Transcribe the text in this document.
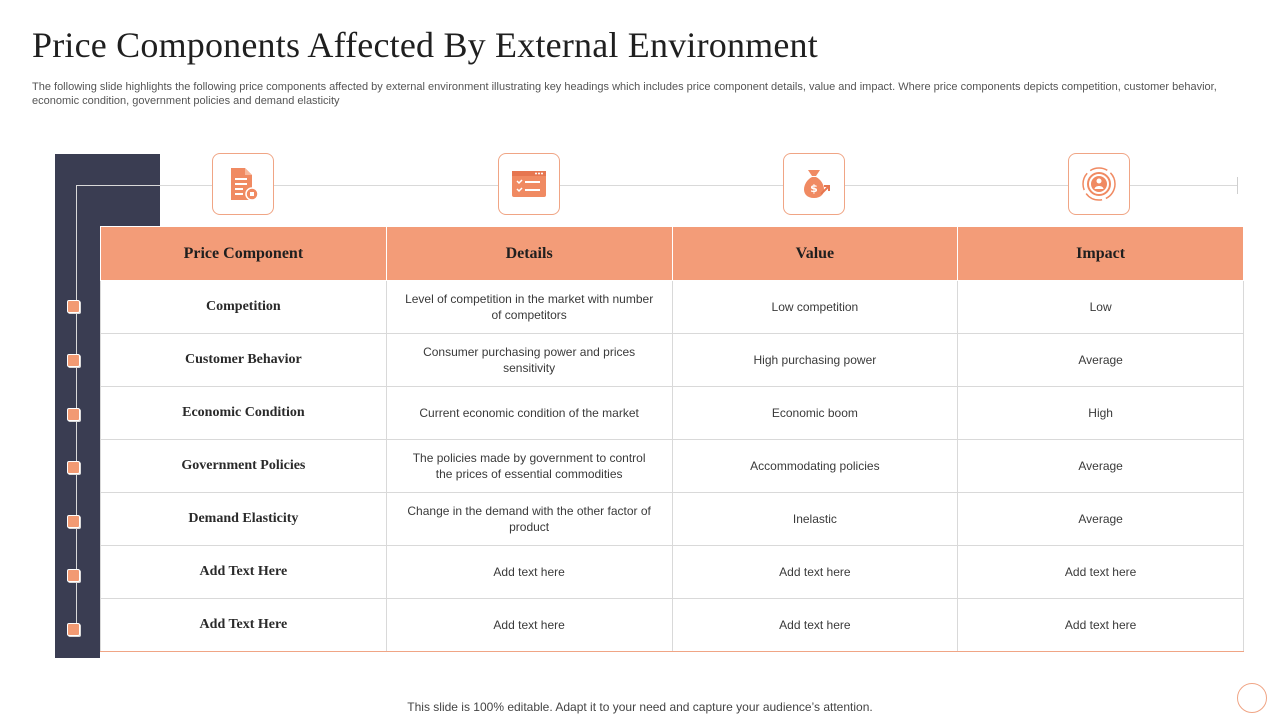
Price Components Affected By External Environment

The following slide highlights the following price components affected by external environment illustrating key headings which includes price component details, value and impact. Where price components depicts competition, customer behavior, economic condition, government policies and demand elasticity

$
Price Component	Details	Value	Impact
Competition	Level of competition in the market with number of competitors	Low competition	Low
Customer Behavior	Consumer purchasing power and prices sensitivity	High purchasing power	Average
Economic Condition	Current economic condition of the market	Economic boom	High
Government Policies	The policies made by government to control the prices of essential commodities	Accommodating policies	Average
Demand Elasticity	Change in the demand with the other factor of product	Inelastic	Average
Add Text Here	Add text here	Add text here	Add text here
Add Text Here	Add text here	Add text here	Add text here
This slide is 100% editable. Adapt it to your need and capture your audience’s attention.
